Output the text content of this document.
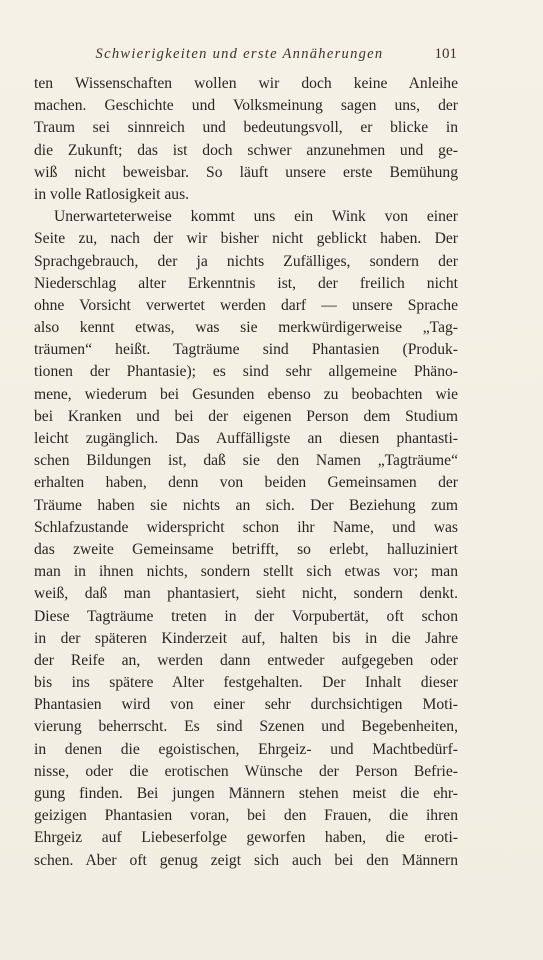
Schwierigkeiten und erste Annäherungen	101
ten Wissenschaften wollen wir doch keine Anleihe
machen. Geschichte und Volksmeinung sagen uns, der
Traum sei sinnreich und bedeutungsvoll, er blicke in
die Zukunft; das ist doch schwer anzunehmen und ge-
wiß nicht beweisbar. So läuft unsere erste Bemühung
in volle Ratlosigkeit aus.
Unerwarteterweise kommt uns ein Wink von einer
Seite zu, nach der wir bisher nicht geblickt haben. Der
Sprachgebrauch, der ja nichts Zufälliges, sondern der
Niederschlag alter Erkenntnis ist, der freilich nicht
ohne Vorsicht verwertet werden darf — unsere Sprache
also kennt etwas, was sie merkwürdigerweise „Tag-
träumen“ heißt. Tagträume sind Phantasien (Produk-
tionen der Phantasie); es sind sehr allgemeine Phäno-
mene, wiederum bei Gesunden ebenso zu beobachten wie
bei Kranken und bei der eigenen Person dem Studium
leicht zugänglich. Das Auffälligste an diesen phantasti-
schen Bildungen ist, daß sie den Namen „Tagträume“
erhalten haben, denn von beiden Gemeinsamen der
Träume haben sie nichts an sich. Der Beziehung zum
Schlafzustande widerspricht schon ihr Name, und was
das zweite Gemeinsame betrifft, so erlebt, halluziniert
man in ihnen nichts, sondern stellt sich etwas vor; man
weiß, daß man phantasiert, sieht nicht, sondern denkt.
Diese Tagträume treten in der Vorpubertät, oft schon
in der späteren Kinderzeit auf, halten bis in die Jahre
der Reife an, werden dann entweder aufgegeben oder
bis ins spätere Alter festgehalten. Der Inhalt dieser
Phantasien wird von einer sehr durchsichtigen Moti-
vierung beherrscht. Es sind Szenen und Begebenheiten,
in denen die egoistischen, Ehrgeiz- und Machtbedürf-
nisse, oder die erotischen Wünsche der Person Befrie-
gung finden. Bei jungen Männern stehen meist die ehr-
geizigen Phantasien voran, bei den Frauen, die ihren
Ehrgeiz auf Liebeserfolge geworfen haben, die eroti-
schen. Aber oft genug zeigt sich auch bei den Männern
